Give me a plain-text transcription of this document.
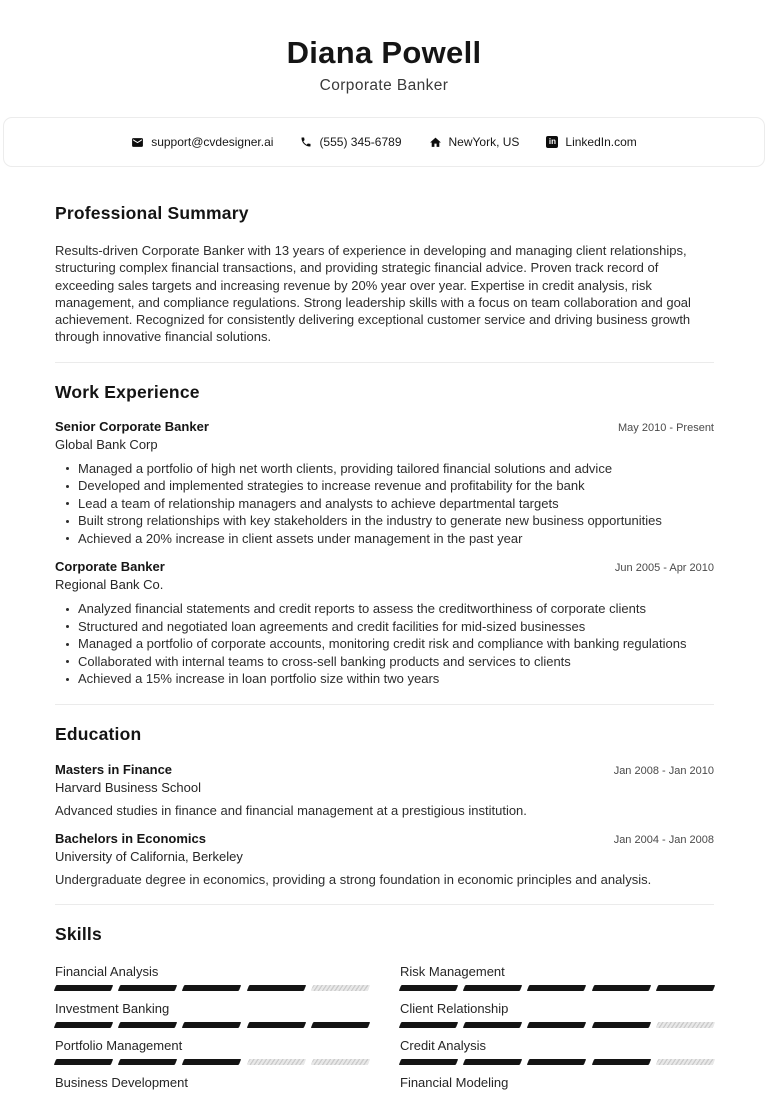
Diana Powell
Corporate Banker
support@cvdesigner.ai	(555) 345-6789	NewYork, US	in LinkedIn.com
Professional Summary

Results-driven Corporate Banker with 13 years of experience in developing and managing client relationships, structuring complex financial transactions, and providing strategic financial advice. Proven track record of exceeding sales targets and increasing revenue by 20% year over year. Expertise in credit analysis, risk management, and compliance regulations. Strong leadership skills with a focus on team collaboration and goal achievement. Recognized for consistently delivering exceptional customer service and driving business growth through innovative financial solutions.

Work Experience
Senior Corporate Banker	May 2010 - Present
Global Bank Corp
Managed a portfolio of high net worth clients, providing tailored financial solutions and advice
Developed and implemented strategies to increase revenue and profitability for the bank
Lead a team of relationship managers and analysts to achieve departmental targets
Built strong relationships with key stakeholders in the industry to generate new business opportunities
Achieved a 20% increase in client assets under management in the past year
Corporate Banker	Jun 2005 - Apr 2010
Regional Bank Co.
Analyzed financial statements and credit reports to assess the creditworthiness of corporate clients
Structured and negotiated loan agreements and credit facilities for mid-sized businesses
Managed a portfolio of corporate accounts, monitoring credit risk and compliance with banking regulations
Collaborated with internal teams to cross-sell banking products and services to clients
Achieved a 15% increase in loan portfolio size within two years
Education
Masters in Finance	Jan 2008 - Jan 2010
Harvard Business School
Advanced studies in finance and financial management at a prestigious institution.
Bachelors in Economics	Jan 2004 - Jan 2008
University of California, Berkeley
Undergraduate degree in economics, providing a strong foundation in economic principles and analysis.
Skills
Financial Analysis	Risk Management
Investment Banking	Client Relationship
Portfolio Management	Credit Analysis
Business Development	Financial Modeling
